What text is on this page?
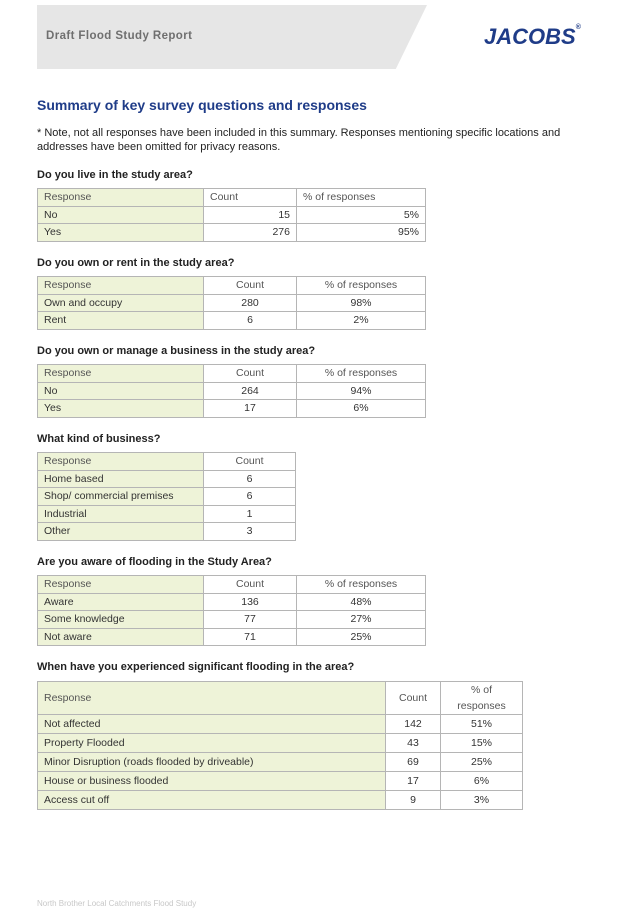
Draft Flood Study Report	JACOBS®
Summary of key survey questions and responses
* Note, not all responses have been included in this summary. Responses mentioning specific locations and addresses have been omitted for privacy reasons.
Do you live in the study area?
Response	Count	% of responses
No	15	5%
Yes	276	95%
Do you own or rent in the study area?
Response	Count	% of responses
Own and occupy	280	98%
Rent	6	2%
Do you own or manage a business in the study area?
Response	Count	% of responses
No	264	94%
Yes	17	6%
What kind of business?
Response	Count
Home based	6
Shop/ commercial premises	6
Industrial	1
Other	3
Are you aware of flooding in the Study Area?
Response	Count	% of responses
Aware	136	48%
Some knowledge	77	27%
Not aware	71	25%
When have you experienced significant flooding in the area?
Response	Count	% of responses
Not affected	142	51%
Property Flooded	43	15%
Minor Disruption (roads flooded by driveable)	69	25%
House or business flooded	17	6%
Access cut off	9	3%
North Brother Local Catchments Flood Study
